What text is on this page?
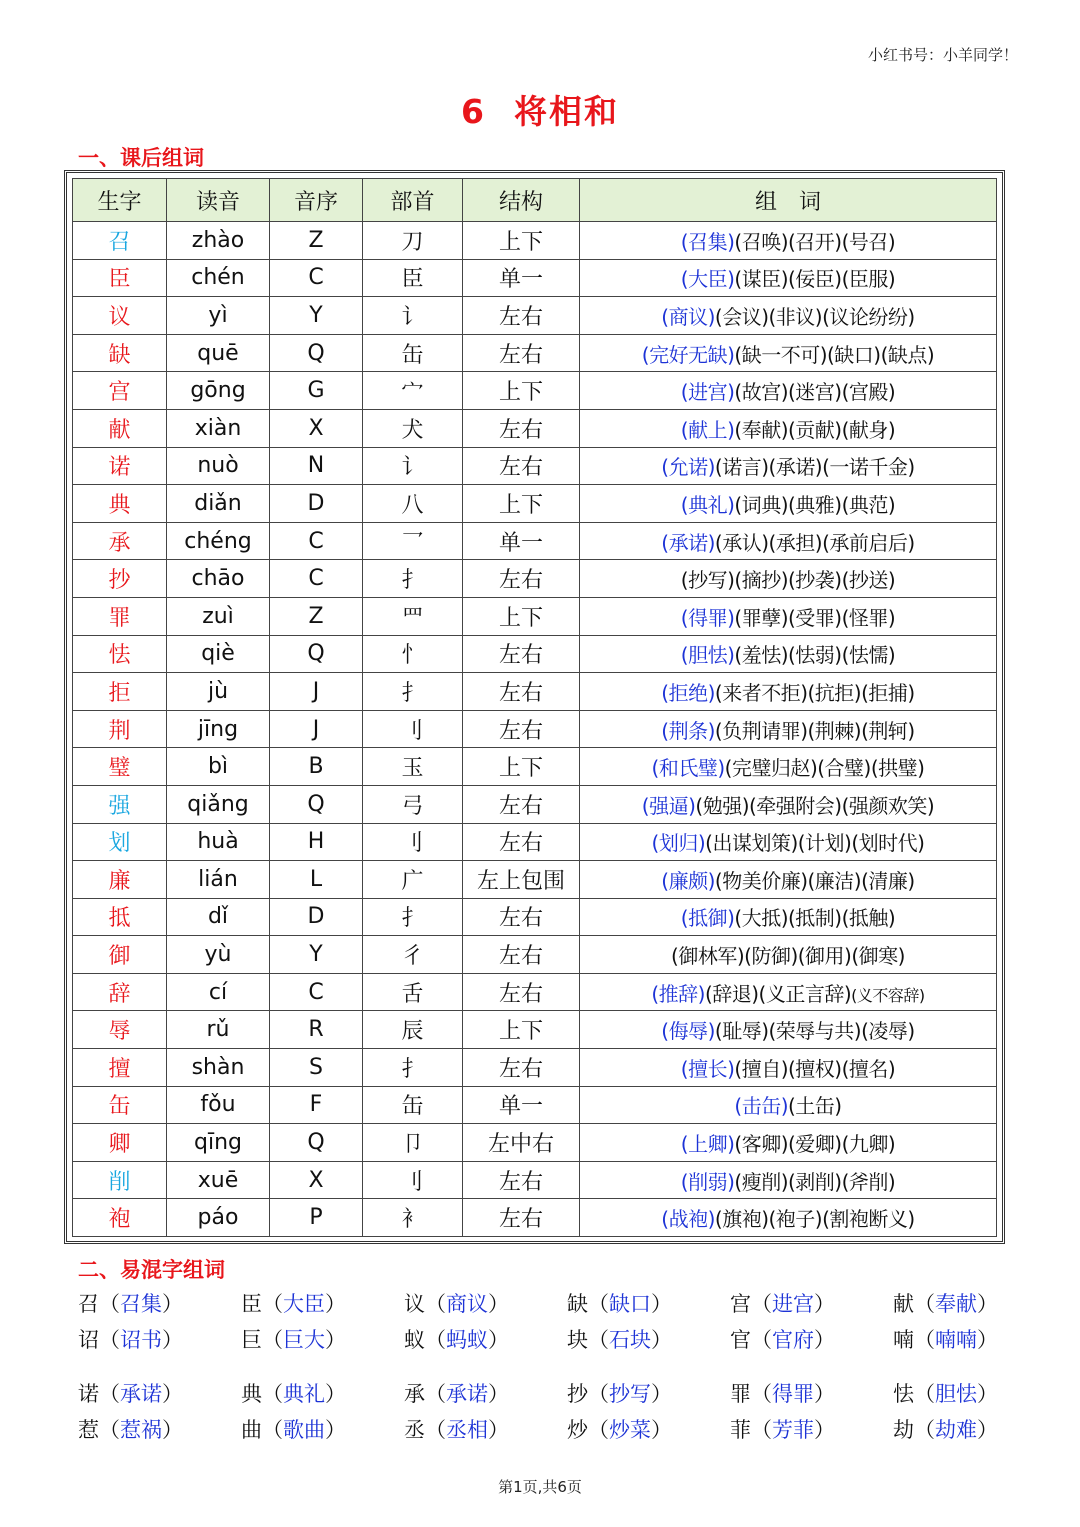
小红书号：小羊同学！
6 将相和
一、课后组词
生字	读音	音序	部首	结构	组　词
召	zhào	Z	刀	上下	(召集)(召唤)(召开)(号召)
臣	chén	C	臣	单一	(大臣)(谋臣)(佞臣)(臣服)
议	yì	Y	讠	左右	(商议)(会议)(非议)(议论纷纷)
缺	quē	Q	缶	左右	(完好无缺)(缺一不可)(缺口)(缺点)
宫	gōng	G	宀	上下	(进宫)(故宫)(迷宫)(宫殿)
献	xiàn	X	犬	左右	(献上)(奉献)(贡献)(献身)
诺	nuò	N	讠	左右	(允诺)(诺言)(承诺)(一诺千金)
典	diǎn	D	八	上下	(典礼)(词典)(典雅)(典范)
承	chéng	C	乛	单一	(承诺)(承认)(承担)(承前启后)
抄	chāo	C	扌	左右	(抄写)(摘抄)(抄袭)(抄送)
罪	zuì	Z	罒	上下	(得罪)(罪孽)(受罪)(怪罪)
怯	qiè	Q	忄	左右	(胆怯)(羞怯)(怯弱)(怯懦)
拒	jù	J	扌	左右	(拒绝)(来者不拒)(抗拒)(拒捕)
荆	jīng	J	刂	左右	(荆条)(负荆请罪)(荆棘)(荆轲)
璧	bì	B	玉	上下	(和氏璧)(完璧归赵)(合璧)(拱璧)
强	qiǎng	Q	弓	左右	(强逼)(勉强)(牵强附会)(强颜欢笑)
划	huà	H	刂	左右	(划归)(出谋划策)(计划)(划时代)
廉	lián	L	广	左上包围	(廉颇)(物美价廉)(廉洁)(清廉)
抵	dǐ	D	扌	左右	(抵御)(大抵)(抵制)(抵触)
御	yù	Y	彳	左右	(御林军)(防御)(御用)(御寒)
辞	cí	C	舌	左右	(推辞)(辞退)(义正言辞)(义不容辞)
辱	rǔ	R	辰	上下	(侮辱)(耻辱)(荣辱与共)(凌辱)
擅	shàn	S	扌	左右	(擅长)(擅自)(擅权)(擅名)
缶	fǒu	F	缶	单一	(击缶)(土缶)
卿	qīng	Q	卩	左中右	(上卿)(客卿)(爱卿)(九卿)
削	xuē	X	刂	左右	(削弱)(瘦削)(剥削)(斧削)
袍	páo	P	衤	左右	(战袍)(旗袍)(袍子)(割袍断义)
二、易混字组词
召（召集）	臣（大臣）	议（商议）	缺（缺口）	宫（进宫）	献（奉献）
诏（诏书）	巨（巨大）	蚁（蚂蚁）	块（石块）	官（官府）	喃（喃喃）
诺（承诺）	典（典礼）	承（承诺）	抄（抄写）	罪（得罪）	怯（胆怯）
惹（惹祸）	曲（歌曲）	丞（丞相）	炒（炒菜）	菲（芳菲）	劫（劫难）
第1页,共6页
